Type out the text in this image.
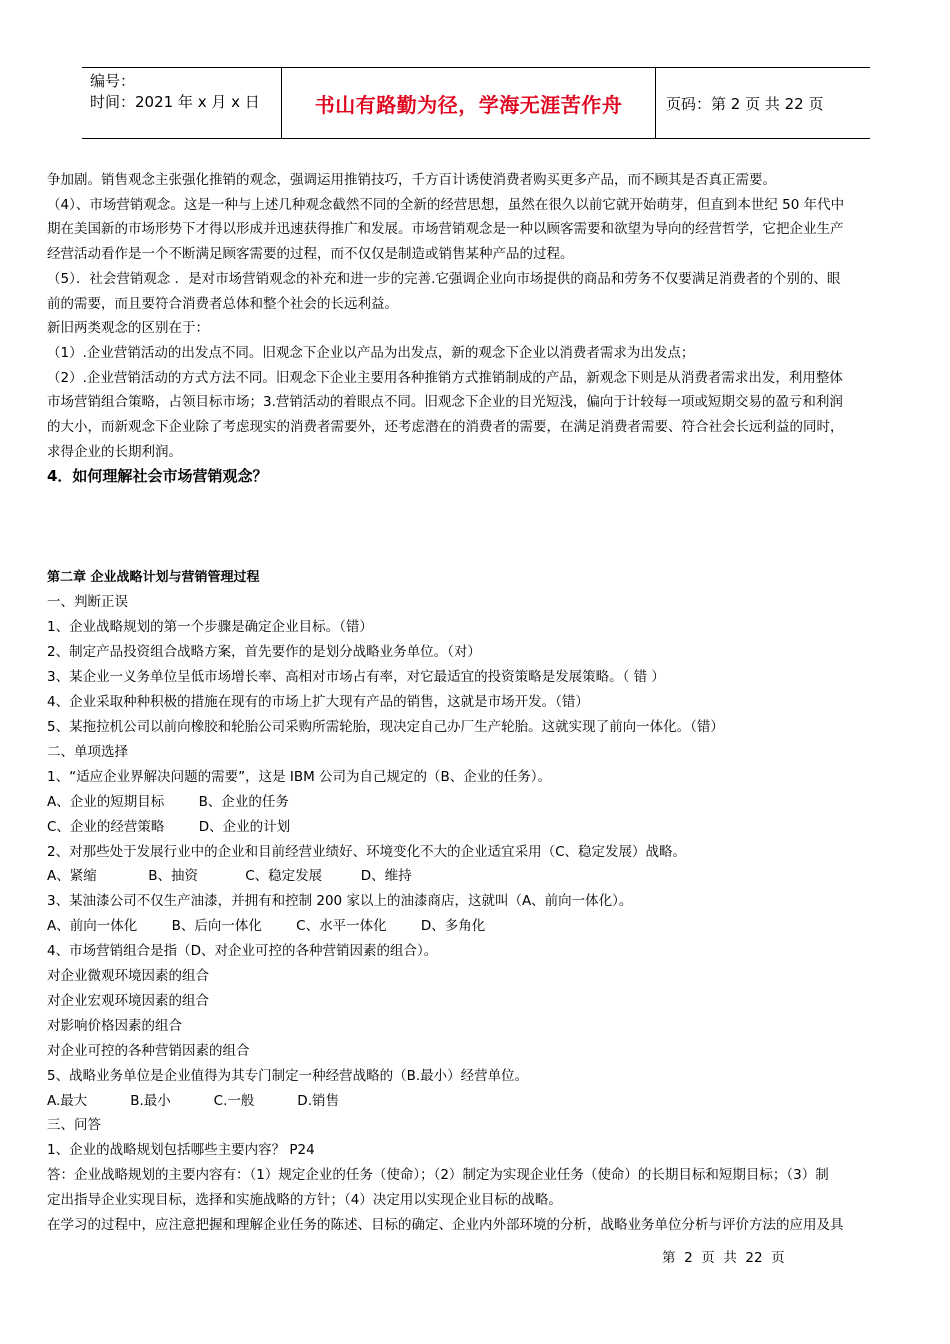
编号：
时间：2021 年 x 月 x 日	书山有路勤为径，学海无涯苦作舟	页码：第 2 页 共 22 页

争加剧。销售观念主张强化推销的观念，强调运用推销技巧，千方百计诱使消费者购买更多产品，而不顾其是否真正需要。

（4）、市场营销观念。这是一种与上述几种观念截然不同的全新的经营思想，虽然在很久以前它就开始萌芽，但直到本世纪 50 年代中

期在美国新的市场形势下才得以形成并迅速获得推广和发展。市场营销观念是一种以顾客需要和欲望为导向的经营哲学，它把企业生产

经营活动看作是一个不断满足顾客需要的过程，而不仅仅是制造或销售某种产品的过程。

（5）．社会营销观念 ．是对市场营销观念的补充和进一步的完善.它强调企业向市场提供的商品和劳务不仅要满足消费者的个别的、眼

前的需要，而且要符合消费者总体和整个社会的长远利益。

新旧两类观念的区别在于：

（1）.企业营销活动的出发点不同。旧观念下企业以产品为出发点，新的观念下企业以消费者需求为出发点；

（2）.企业营销活动的方式方法不同。旧观念下企业主要用各种推销方式推销制成的产品，新观念下则是从消费者需求出发，利用整体

市场营销组合策略，占领目标市场；3.营销活动的着眼点不同。旧观念下企业的目光短浅，偏向于计较每一项或短期交易的盈亏和利润

的大小，而新观念下企业除了考虑现实的消费者需要外，还考虑潜在的消费者的需要，在满足消费者需要、符合社会长远利益的同时，

求得企业的长期利润。

4．如何理解社会市场营销观念？

第二章 企业战略计划与营销管理过程

一、判断正误

1、企业战略规划的第一个步骤是确定企业目标。（错）

2、制定产品投资组合战略方案，首先要作的是划分战略业务单位。（对）

3、某企业一义务单位呈低市场增长率、高相对市场占有率，对它最适宜的投资策略是发展策略。（ 错 ）

4、企业采取种种积极的措施在现有的市场上扩大现有产品的销售，这就是市场开发。（错）

5、某拖拉机公司以前向橡胶和轮胎公司采购所需轮胎，现决定自己办厂生产轮胎。这就实现了前向一体化。（错）

二、单项选择

1、“适应企业界解决问题的需要”，这是 IBM 公司为自己规定的（B、企业的任务）。

A、企业的短期目标        B、企业的任务

C、企业的经营策略        D、企业的计划

2、对那些处于发展行业中的企业和目前经营业绩好、环境变化不大的企业适宜采用（C、稳定发展）战略。

A、紧缩            B、抽资           C、稳定发展         D、维持

3、某油漆公司不仅生产油漆，并拥有和控制 200 家以上的油漆商店，这就叫（A、前向一体化）。

A、前向一体化        B、后向一体化        C、水平一体化        D、多角化

4、市场营销组合是指（D、对企业可控的各种营销因素的组合）。

对企业微观环境因素的组合

对企业宏观环境因素的组合

对影响价格因素的组合

对企业可控的各种营销因素的组合

5、战略业务单位是企业值得为其专门制定一种经营战略的（B.最小）经营单位。

A.最大          B.最小          C.一般          D.销售

三、问答

1、企业的战略规划包括哪些主要内容？ P24

答：企业战略规划的主要内容有：（1）规定企业的任务（使命）；（2）制定为实现企业任务（使命）的长期目标和短期目标；（3）制

定出指导企业实现目标，选择和实施战略的方针；（4）决定用以实现企业目标的战略。

在学习的过程中，应注意把握和理解企业任务的陈述、目标的确定、企业内外部环境的分析，战略业务单位分析与评价方法的应用及具

第  2  页  共  22  页
